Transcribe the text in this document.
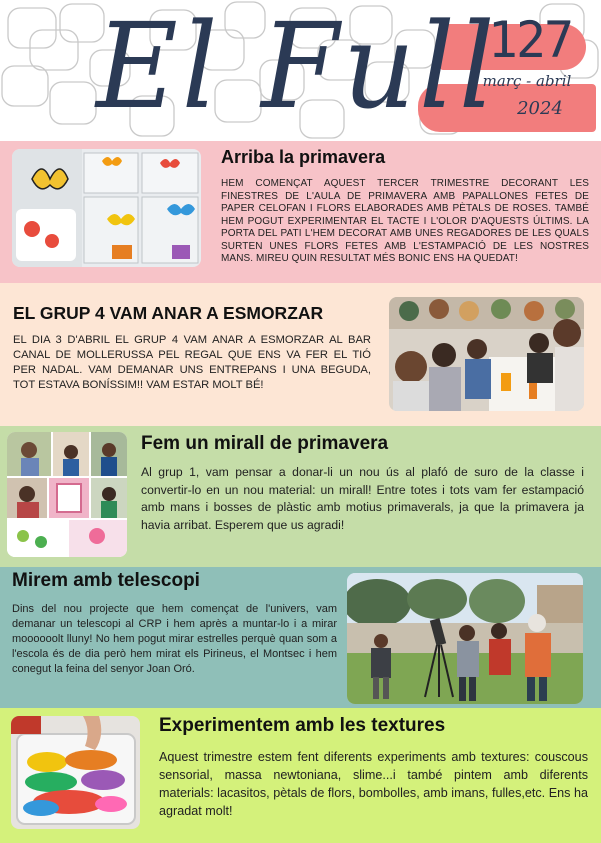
El Full
127
març - abril
2024
Arriba la primavera
HEM COMENÇAT AQUEST TERCER TRIMESTRE DECORANT LES FINESTRES DE L'AULA DE PRIMAVERA AMB PAPALLONES FETES DE PAPER CELOFAN I FLORS ELABORADES AMB PÈTALS DE ROSES. TAMBÉ HEM POGUT EXPERIMENTAR EL TACTE I L'OLOR D'AQUESTS ÚLTIMS. LA PORTA DEL PATI L'HEM DECORAT AMB UNES REGADORES DE LES QUALS SURTEN UNES FLORS FETES AMB L'ESTAMPACIÓ DE LES NOSTRES MANS. MIREU QUIN RESULTAT MÉS BONIC ENS HA QUEDAT!
EL GRUP 4 VAM ANAR A ESMORZAR
EL DIA 3 D'ABRIL EL GRUP 4 VAM ANAR A ESMORZAR AL BAR CANAL DE MOLLERUSSA PEL REGAL QUE ENS VA FER EL TIÓ PER NADAL. VAM DEMANAR UNS ENTREPANS I UNA BEGUDA, TOT ESTAVA BONÍSSIM!! VAM ESTAR MOLT BÉ!
Fem un mirall de primavera
Al grup 1, vam pensar a donar-li un nou ús al plafó de suro de la classe i convertir-lo en un nou material: un mirall! Entre totes i tots vam fer estampació amb mans i bosses de plàstic amb motius primaverals, ja que la primavera ja havia arribat. Esperem que us agradi!
Mirem amb telescopi
Dins del nou projecte que hem començat de l'univers, vam demanar un telescopi al CRP i hem après a muntar-lo i a mirar moooooolt lluny! No hem pogut mirar estrelles perquè quan som a l'escola és de dia però hem mirat els Pirineus, el Montsec i hem conegut la feina del senyor Joan Oró.
Experimentem amb les textures
Aquest trimestre estem fent diferents experiments amb textures: couscous sensorial, massa newtoniana, slime...i també pintem amb diferents materials: lacasitos, pètals de flors, bombolles, amb imans, fulles,etc. Ens ha agradat molt!
